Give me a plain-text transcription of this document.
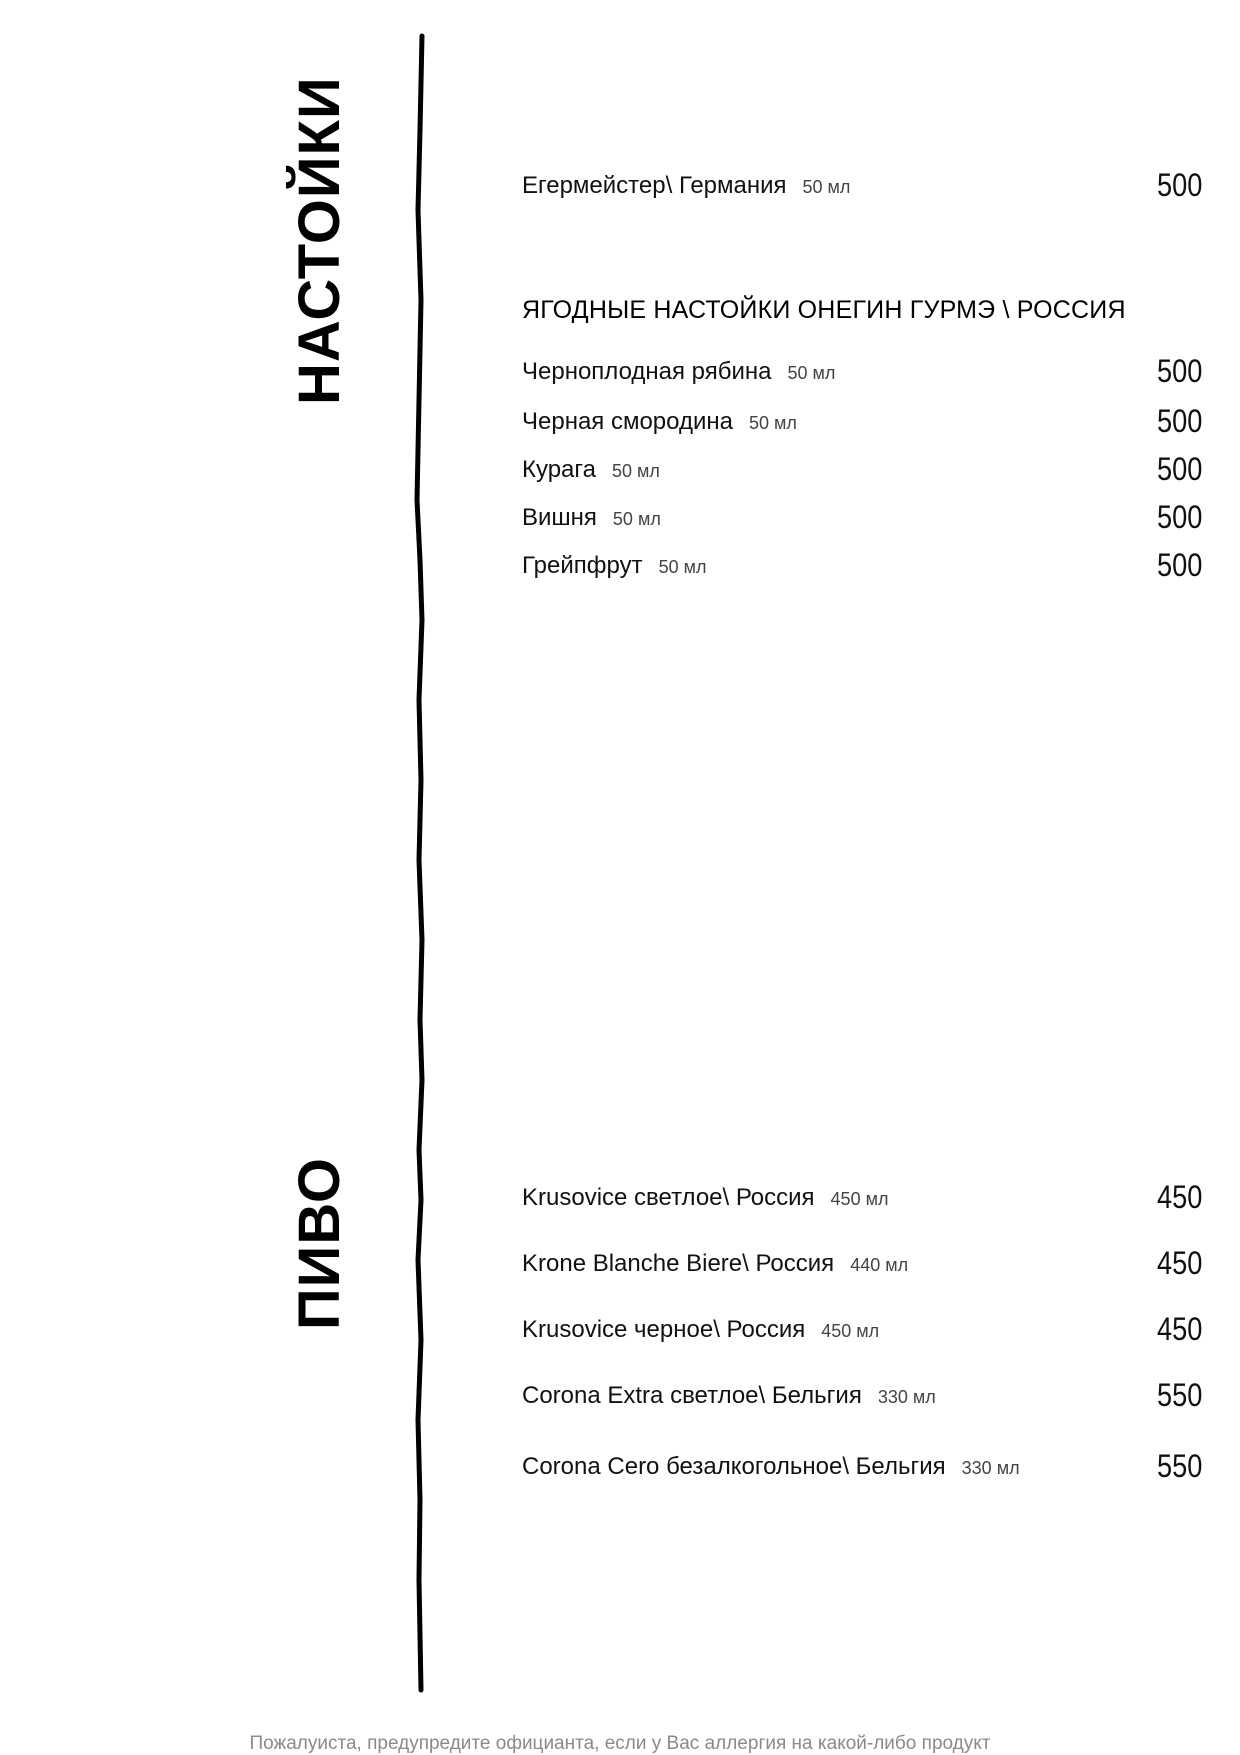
НАСТОЙКИ
ПИВО
Егермейстер\ Германия 50 мл	500
ЯГОДНЫЕ НАСТОЙКИ ОНЕГИН ГУРМЭ \ РОССИЯ
Черноплодная рябина 50 мл	500
Черная смородина 50 мл	500
Курага 50 мл	500
Вишня 50 мл	500
Грейпфрут 50 мл	500
Krusovice светлое\ Россия 450 мл	450
Krone Blanche Biere\ Россия 440 мл	450
Krusovice черное\ Россия 450 мл	450
Corona Extra светлое\ Бельгия 330 мл	550
Corona Cero безалкогольное\ Бельгия 330 мл	550
Пожалуиста, предупредите официанта, если у Вас аллергия на какой-либо продукт
